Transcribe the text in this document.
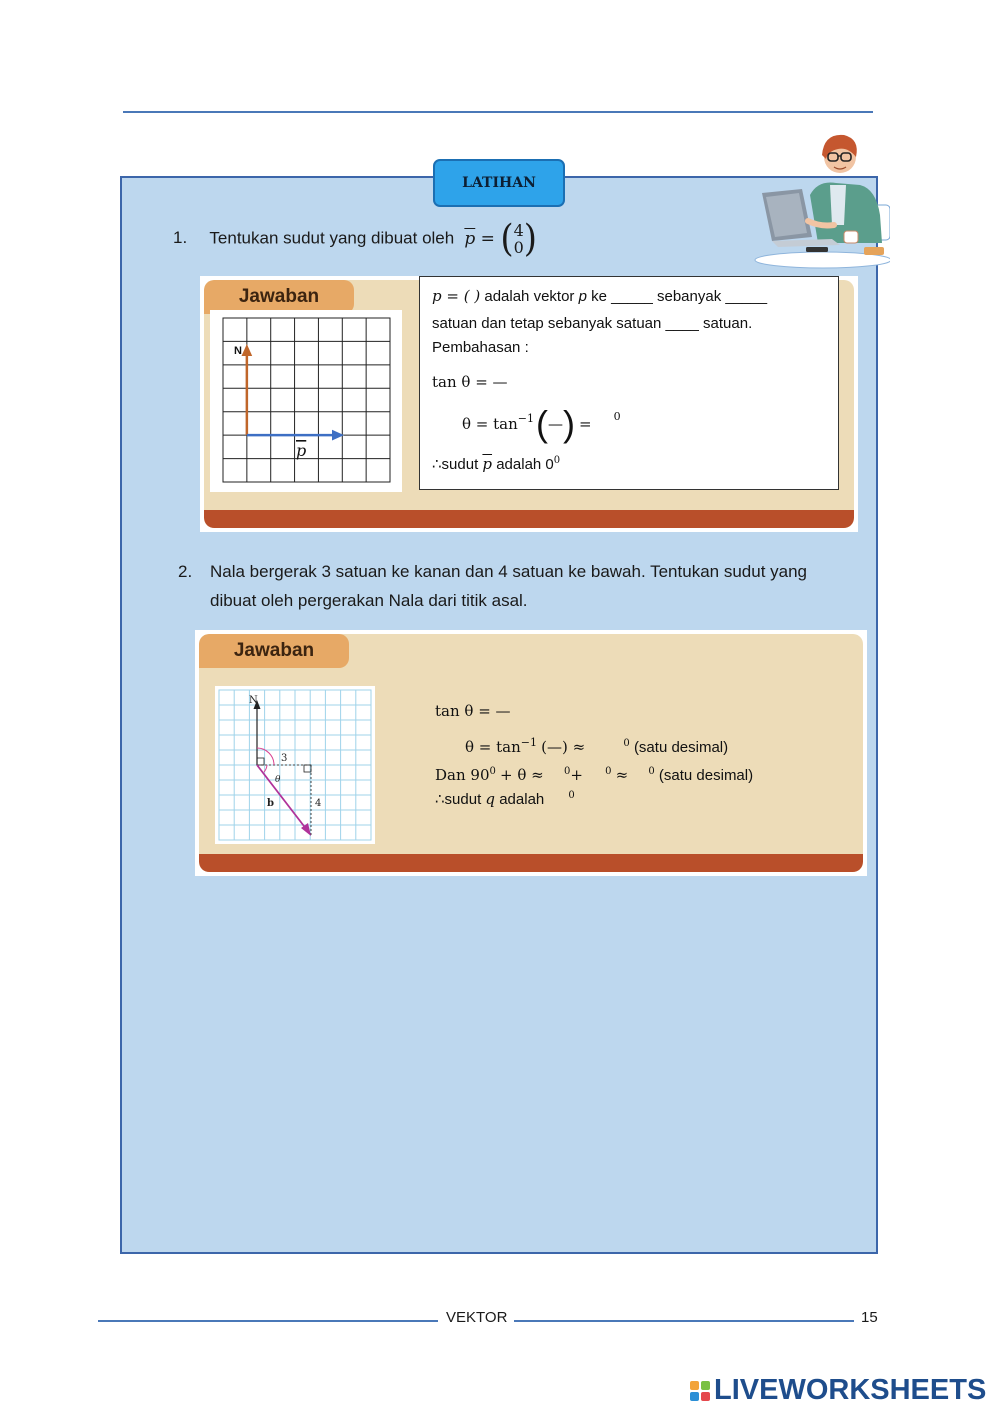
LATIHAN
1. Tentukan sudut yang dibuat oleh $\overline{p}$
=
( 4
0 )
Jawaban
N
p
p = ( ) adalah vektor p ke _____ sebanyak _____
satuan dan tetap sebanyak satuan ____ satuan.
Pembahasan :
tan θ = —
$\theta = \tan^{-1}$ ( — ) = $^0$
∴sudut $\overline{p}$ adalah $0^0$
2.	Nala bergerak 3 satuan ke kanan dan 4 satuan ke bawah. Tentukan sudut yang dibuat oleh pergerakan Nala dari titik asal.
Jawaban
N
3
4
b
θ
tan θ = —
$\theta = \tan^{-1}$ (—) ≈	$^0$ (satu desimal)
Dan $90^0 + \theta \approx ^0+ ^0 \approx ^0$ (satu desimal)
∴sudut q adalah $^0$
VEKTOR	15
LIVEWORKSHEETS
